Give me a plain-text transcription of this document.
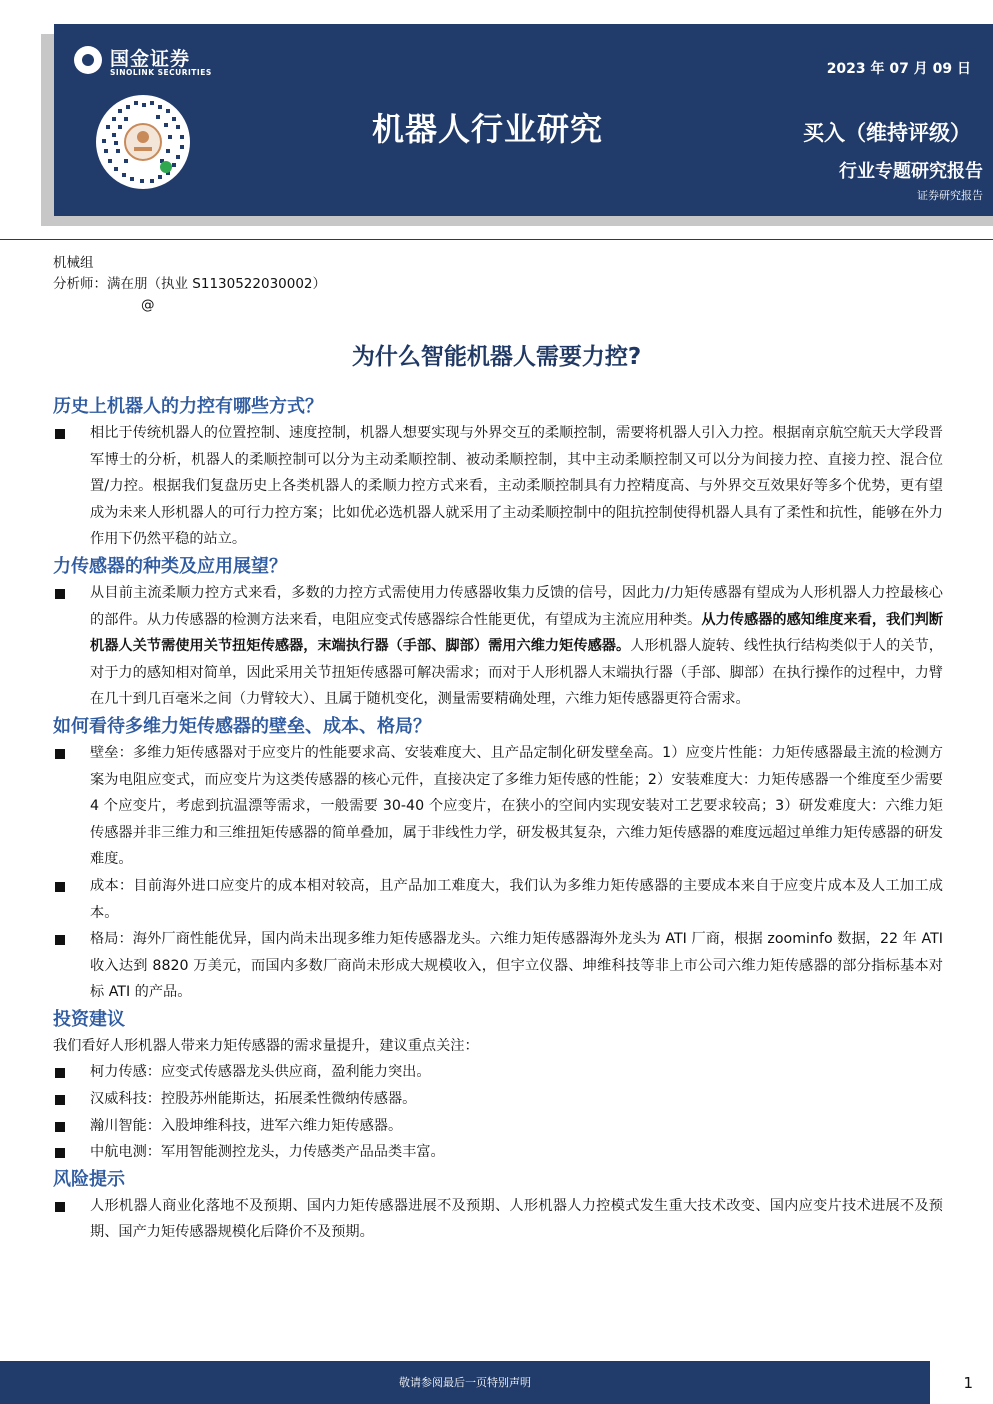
国金证券
SINOLINK SECURITIES
机器人行业研究
2023 年 07 月 09 日
买入（维持评级）
行业专题研究报告
证券研究报告
机械组
分析师：满在朋（执业 S1130522030002）
@
为什么智能机器人需要力控?
历史上机器人的力控有哪些方式？

相比于传统机器人的位置控制、速度控制，机器人想要实现与外界交互的柔顺控制，需要将机器人引入力控。根据南京航空航天大学段晋军博士的分析，机器人的柔顺控制可以分为主动柔顺控制、被动柔顺控制，其中主动柔顺控制又可以分为间接力控、直接力控、混合位置/力控。根据我们复盘历史上各类机器人的柔顺力控方式来看，主动柔顺控制具有力控精度高、与外界交互效果好等多个优势，更有望成为未来人形机器人的可行力控方案；比如优必选机器人就采用了主动柔顺控制中的阻抗控制使得机器人具有了柔性和抗性，能够在外力作用下仍然平稳的站立。

力传感器的种类及应用展望？

从目前主流柔顺力控方式来看，多数的力控方式需使用力传感器收集力反馈的信号，因此力/力矩传感器有望成为人形机器人力控最核心的部件。从力传感器的检测方法来看，电阻应变式传感器综合性能更优，有望成为主流应用种类。从力传感器的感知维度来看，我们判断机器人关节需使用关节扭矩传感器，末端执行器（手部、脚部）需用六维力矩传感器。人形机器人旋转、线性执行结构类似于人的关节，对于力的感知相对简单，因此采用关节扭矩传感器可解决需求；而对于人形机器人末端执行器（手部、脚部）在执行操作的过程中，力臂在几十到几百毫米之间（力臂较大）、且属于随机变化，测量需要精确处理，六维力矩传感器更符合需求。

如何看待多维力矩传感器的壁垒、成本、格局？

壁垒：多维力矩传感器对于应变片的性能要求高、安装难度大、且产品定制化研发壁垒高。1）应变片性能：力矩传感器最主流的检测方案为电阻应变式，而应变片为这类传感器的核心元件，直接决定了多维力矩传感的性能；2）安装难度大：力矩传感器一个维度至少需要 4 个应变片，考虑到抗温漂等需求，一般需要 30-40 个应变片，在狭小的空间内实现安装对工艺要求较高；3）研发难度大：六维力矩传感器并非三维力和三维扭矩传感器的简单叠加，属于非线性力学，研发极其复杂，六维力矩传感器的难度远超过单维力矩传感器的研发难度。

成本：目前海外进口应变片的成本相对较高，且产品加工难度大，我们认为多维力矩传感器的主要成本来自于应变片成本及人工加工成本。

格局：海外厂商性能优异，国内尚未出现多维力矩传感器龙头。六维力矩传感器海外龙头为 ATI 厂商，根据 zoominfo 数据，22 年 ATI 收入达到 8820 万美元，而国内多数厂商尚未形成大规模收入，但宇立仪器、坤维科技等非上市公司六维力矩传感器的部分指标基本对标 ATI 的产品。

投资建议

我们看好人形机器人带来力矩传感器的需求量提升，建议重点关注：

柯力传感：应变式传感器龙头供应商，盈利能力突出。

汉威科技：控股苏州能斯达，拓展柔性微纳传感器。

瀚川智能：入股坤维科技，进军六维力矩传感器。

中航电测：军用智能测控龙头，力传感类产品品类丰富。

风险提示

人形机器人商业化落地不及预期、国内力矩传感器进展不及预期、人形机器人力控模式发生重大技术改变、国内应变片技术进展不及预期、国产力矩传感器规模化后降价不及预期。

敬请参阅最后一页特别声明	1
